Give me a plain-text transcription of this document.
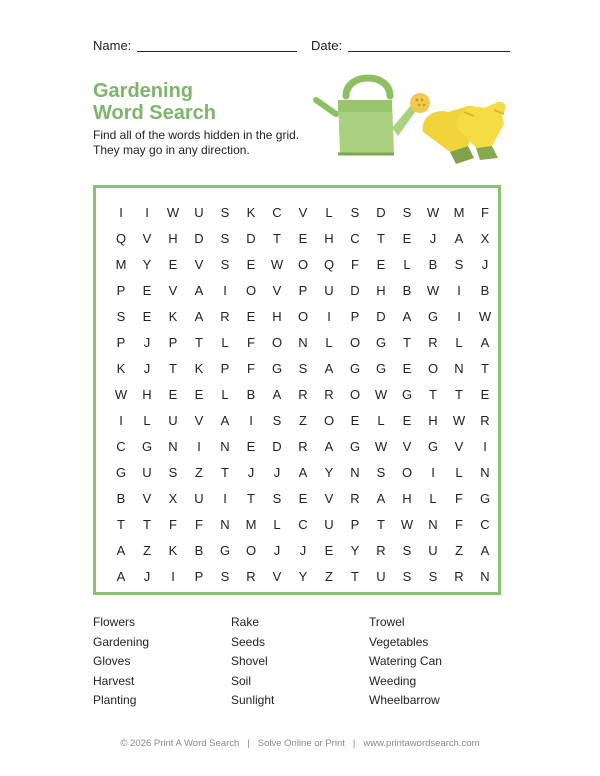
Name:	Date:
Gardening
Word Search
Find all of the words hidden in the grid.
They may go in any direction.
I	I	W	U	S	K	C	V	L	S	D	S	W	M	F
Q	V	H	D	S	D	T	E	H	C	T	E	J	A	X
M	Y	E	V	S	E	W	O	Q	F	E	L	B	S	J
P	E	V	A	I	O	V	P	U	D	H	B	W	I	B
S	E	K	A	R	E	H	O	I	P	D	A	G	I	W
P	J	P	T	L	F	O	N	L	O	G	T	R	L	A
K	J	T	K	P	F	G	S	A	G	G	E	O	N	T
W	H	E	E	L	B	A	R	R	O	W	G	T	T	E
I	L	U	V	A	I	S	Z	O	E	L	E	H	W	R
C	G	N	I	N	E	D	R	A	G	W	V	G	V	I
G	U	S	Z	T	J	J	A	Y	N	S	O	I	L	N
B	V	X	U	I	T	S	E	V	R	A	H	L	F	G
T	T	F	F	N	M	L	C	U	P	T	W	N	F	C
A	Z	K	B	G	O	J	J	E	Y	R	S	U	Z	A
A	J	I	P	S	R	V	Y	Z	T	U	S	S	R	N
Flowers
Gardening
Gloves
Harvest
Planting
Rake
Seeds
Shovel
Soil
Sunlight
Trowel
Vegetables
Watering Can
Weeding
Wheelbarrow
© 2026 Print A Word Search | Solve Online or Print | www.printawordsearch.com
